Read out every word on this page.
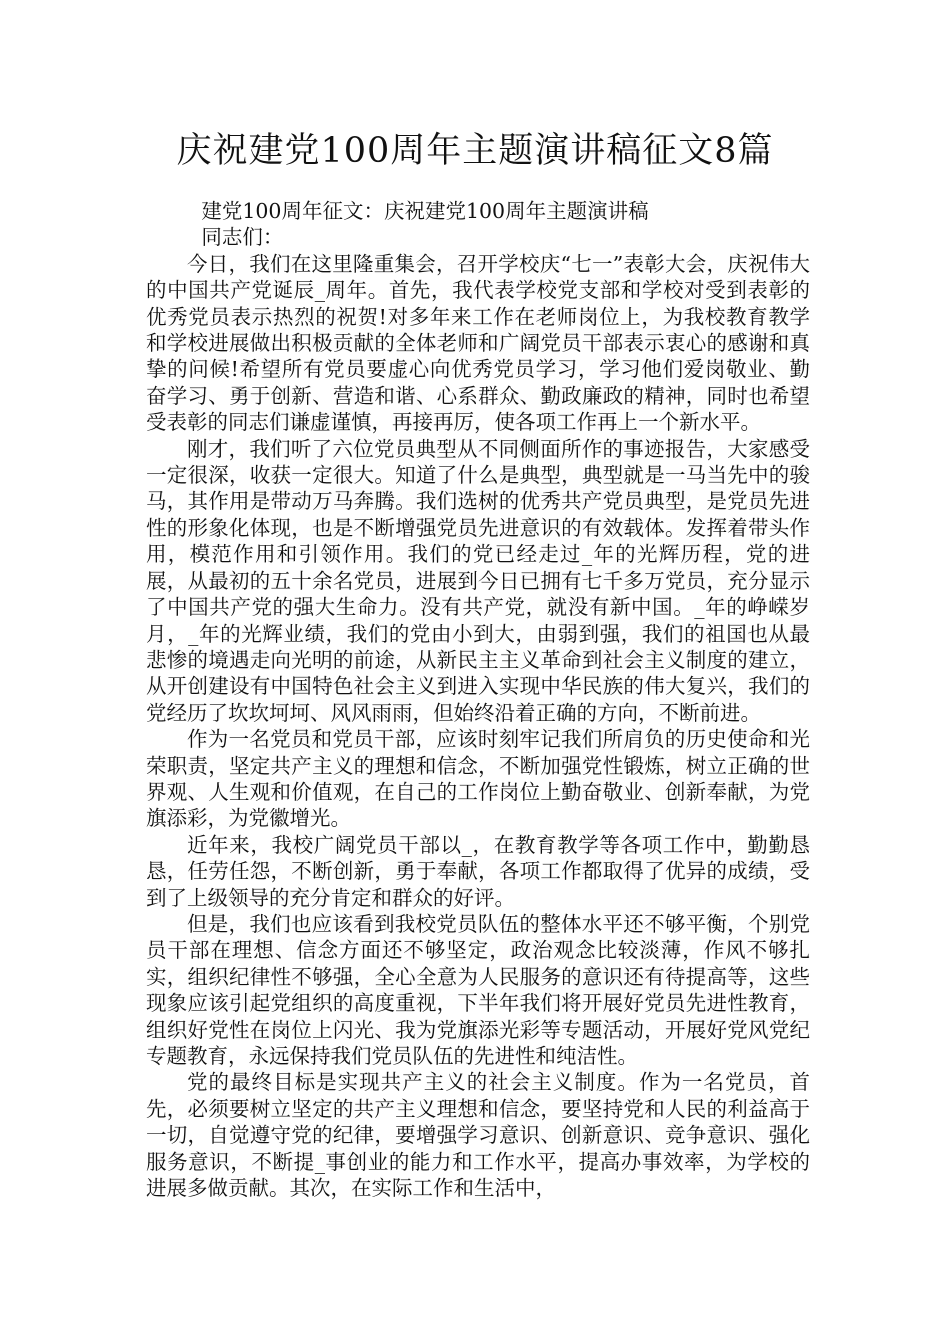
庆祝建党100周年主题演讲稿征文8篇

建党100周年征文：庆祝建党100周年主题演讲稿

同志们：

今日，我们在这里隆重集会，召开学校庆“七一”表彰大会，庆祝伟大的中国共产党诞辰_周年。首先，我代表学校党支部和学校对受到表彰的优秀党员表示热烈的祝贺!对多年来工作在老师岗位上，为我校教育教学和学校进展做出积极贡献的全体老师和广阔党员干部表示衷心的感谢和真挚的问候!希望所有党员要虚心向优秀党员学习，学习他们爱岗敬业、勤奋学习、勇于创新、营造和谐、心系群众、勤政廉政的精神，同时也希望受表彰的同志们谦虚谨慎，再接再厉，使各项工作再上一个新水平。

刚才，我们听了六位党员典型从不同侧面所作的事迹报告，大家感受一定很深，收获一定很大。知道了什么是典型，典型就是一马当先中的骏马，其作用是带动万马奔腾。我们选树的优秀共产党员典型，是党员先进性的形象化体现，也是不断增强党员先进意识的有效载体。发挥着带头作用，模范作用和引领作用。我们的党已经走过_年的光辉历程，党的进展，从最初的五十余名党员，进展到今日已拥有七千多万党员，充分显示了中国共产党的强大生命力。没有共产党，就没有新中国。_年的峥嵘岁月，_年的光辉业绩，我们的党由小到大，由弱到强，我们的祖国也从最悲惨的境遇走向光明的前途，从新民主主义革命到社会主义制度的建立，从开创建设有中国特色社会主义到进入实现中华民族的伟大复兴，我们的党经历了坎坎坷坷、风风雨雨，但始终沿着正确的方向，不断前进。

作为一名党员和党员干部，应该时刻牢记我们所肩负的历史使命和光荣职责，坚定共产主义的理想和信念，不断加强党性锻炼，树立正确的世界观、人生观和价值观，在自己的工作岗位上勤奋敬业、创新奉献，为党旗添彩，为党徽增光。

近年来，我校广阔党员干部以_，在教育教学等各项工作中，勤勤恳恳，任劳任怨，不断创新，勇于奉献，各项工作都取得了优异的成绩，受到了上级领导的充分肯定和群众的好评。

但是，我们也应该看到我校党员队伍的整体水平还不够平衡，个别党员干部在理想、信念方面还不够坚定，政治观念比较淡薄，作风不够扎实，组织纪律性不够强，全心全意为人民服务的意识还有待提高等，这些现象应该引起党组织的高度重视，下半年我们将开展好党员先进性教育，组织好党性在岗位上闪光、我为党旗添光彩等专题活动，开展好党风党纪专题教育，永远保持我们党员队伍的先进性和纯洁性。

党的最终目标是实现共产主义的社会主义制度。作为一名党员，首先，必须要树立坚定的共产主义理想和信念，要坚持党和人民的利益高于一切，自觉遵守党的纪律，要增强学习意识、创新意识、竞争意识、强化服务意识，不断提_事创业的能力和工作水平，提高办事效率，为学校的进展多做贡献。其次，在实际工作和生活中，
